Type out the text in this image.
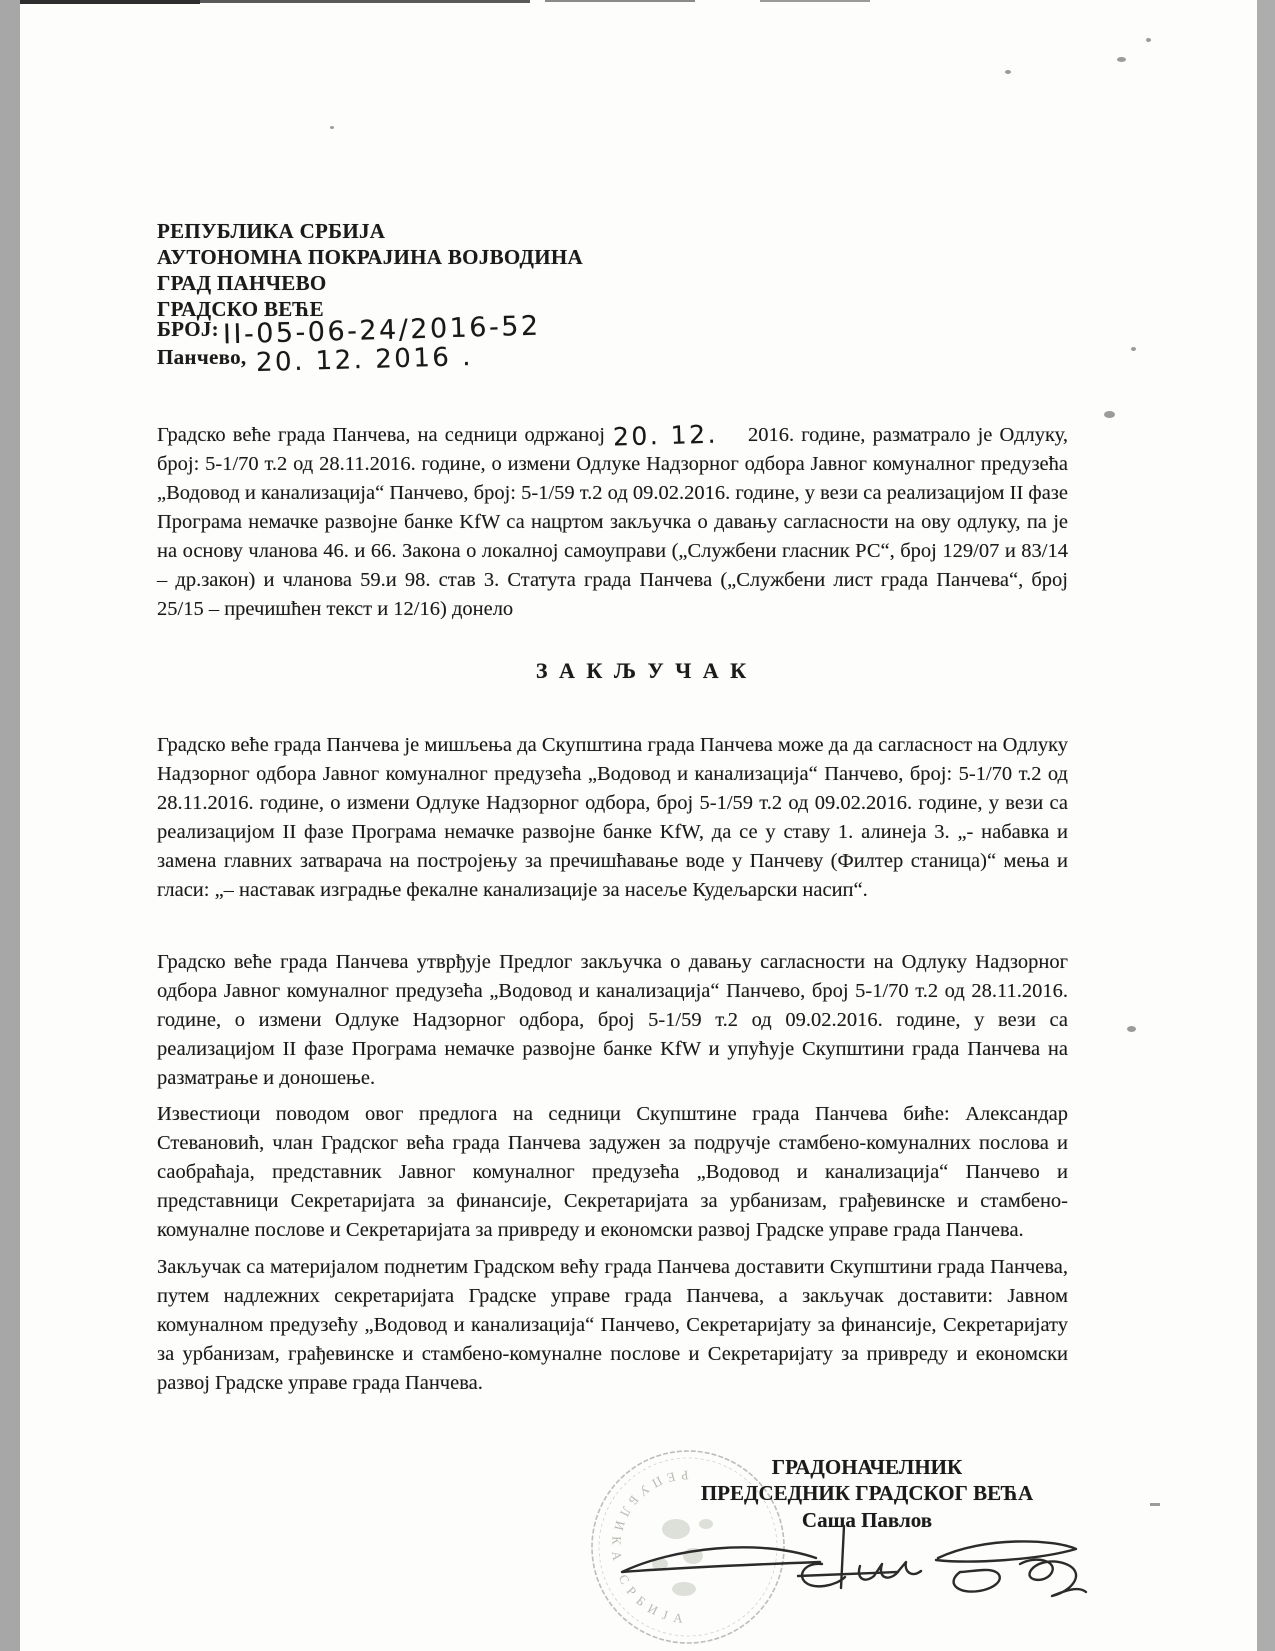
РЕПУБЛИКА СРБИЈА
АУТОНОМНА ПОКРАЈИНА ВОЈВОДИНА
ГРАД ПАНЧЕВО
ГРАДСКО ВЕЋЕ
БРОЈ: II-05-06-24/2016-52
Панчево, 20. 12. 2016 .
Градско веће града Панчева, на седници одржаној 20. 12. 2016. године, разматрало је Одлуку, број: 5-1/70 т.2 од 28.11.2016. године, о измени Одлуке Надзорног одбора Јавног комуналног предузећа „Водовод и канализација“ Панчево, број: 5-1/59 т.2 од 09.02.2016. године, у вези са реализацијом II фазе Програма немачке развојне банке KfW са нацртом закључка о давању сагласности на ову одлуку, па је на основу чланова 46. и 66. Закона о локалној самоуправи („Службени гласник РС“, број 129/07 и 83/14 – др.закон) и чланова 59.и 98. став 3. Статута града Панчева („Службени лист града Панчева“, број 25/15 – пречишћен текст и 12/16) донело
З А К Љ У Ч А К
Градско веће града Панчева је мишљења да Скупштина града Панчева може да да сагласност на Одлуку Надзорног одбора Јавног комуналног предузећа „Водовод и канализација“ Панчево, број: 5-1/70 т.2 од 28.11.2016. године, о измени Одлуке Надзорног одбора, број 5-1/59 т.2 од 09.02.2016. године, у вези са реализацијом II фазе Програма немачке развојне банке KfW, да се у ставу 1. алинеја 3. „- набавка и замена главних затварача на постројењу за пречишћавање воде у Панчеву (Филтер станица)“ мења и гласи: „– наставак изградње фекалне канализације за насеље Кудељарски насип“.
Градско веће града Панчева утврђује Предлог закључка о давању сагласности на Одлуку Надзорног одбора Јавног комуналног предузећа „Водовод и канализација“ Панчево, број 5-1/70 т.2 од 28.11.2016. године, о измени Одлуке Надзорног одбора, број 5-1/59 т.2 од 09.02.2016. године, у вези са реализацијом II фазе Програма немачке развојне банке KfW и упућује Скупштини града Панчева на разматрање и доношење.
Известиоци поводом овог предлога на седници Скупштине града Панчева биће: Александар Стевановић, члан Градског већа града Панчева задужен за подручје стамбено-комуналних послова и саобраћаја, представник Јавног комуналног предузећа „Водовод и канализација“ Панчево и представници Секретаријата за финансије, Секретаријата за урбанизам, грађевинске и стамбено-комуналне послове и Секретаријата за привреду и економски развој Градске управе града Панчева.
Закључак са материјалом поднетим Градском већу града Панчева доставити Скупштини града Панчева, путем надлежних секретаријата Градске управе града Панчева, а закључак доставити: Јавном комуналном предузећу „Водовод и канализација“ Панчево, Секретаријату за финансије, Секретаријату за урбанизам, грађевинске и стамбено-комуналне послове и Секретаријату за привреду и економски развој Градске управе града Панчева.
РЕПУБЛИКА СРБИЈА
ГРАДОНАЧЕЛНИК
ПРЕДСЕДНИК ГРАДСКОГ ВЕЋА
Саша Павлов
